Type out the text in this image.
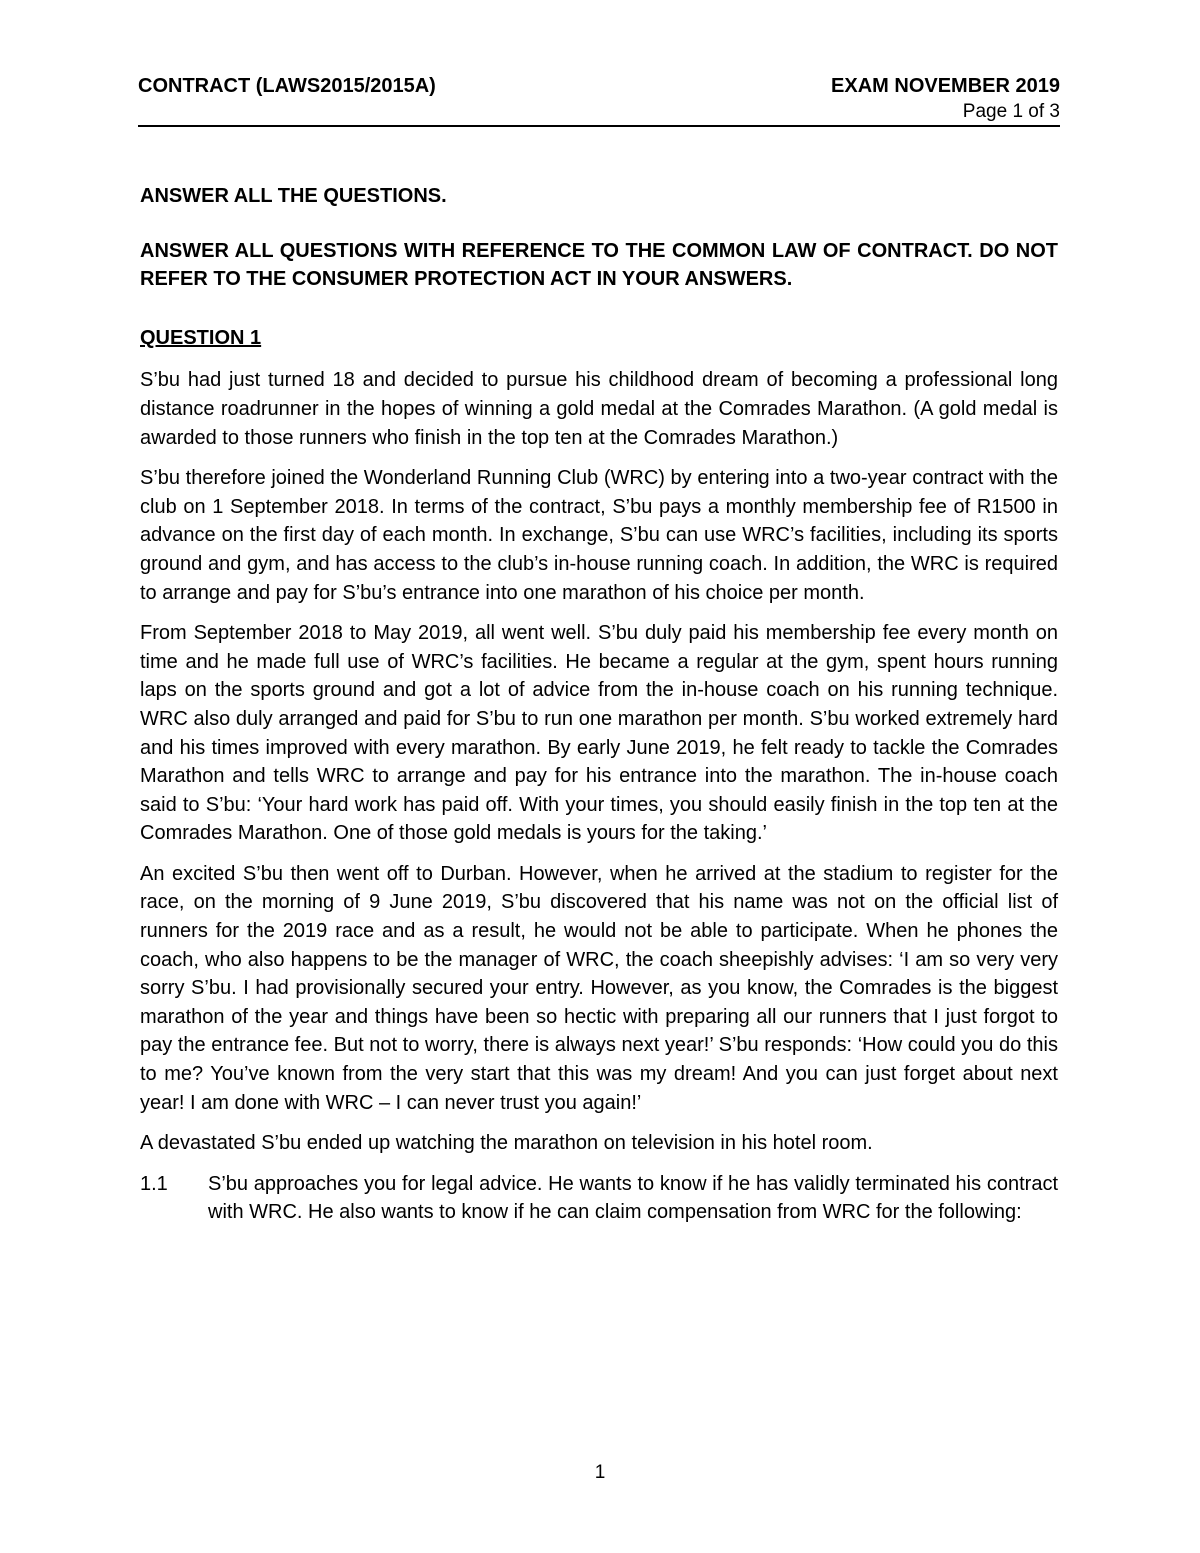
CONTRACT (LAWS2015/2015A)	EXAM NOVEMBER 2019
Page 1 of 3

ANSWER ALL THE QUESTIONS.

ANSWER ALL QUESTIONS WITH REFERENCE TO THE COMMON LAW OF CONTRACT. DO NOT REFER TO THE CONSUMER PROTECTION ACT IN YOUR ANSWERS.

QUESTION 1

S’bu had just turned 18 and decided to pursue his childhood dream of becoming a professional long distance roadrunner in the hopes of winning a gold medal at the Comrades Marathon. (A gold medal is awarded to those runners who finish in the top ten at the Comrades Marathon.)

S’bu therefore joined the Wonderland Running Club (WRC) by entering into a two-year contract with the club on 1 September 2018. In terms of the contract, S’bu pays a monthly membership fee of R1500 in advance on the first day of each month. In exchange, S’bu can use WRC’s facilities, including its sports ground and gym, and has access to the club’s in-house running coach. In addition, the WRC is required to arrange and pay for S’bu’s entrance into one marathon of his choice per month.

From September 2018 to May 2019, all went well. S’bu duly paid his membership fee every month on time and he made full use of WRC’s facilities. He became a regular at the gym, spent hours running laps on the sports ground and got a lot of advice from the in-house coach on his running technique. WRC also duly arranged and paid for S’bu to run one marathon per month. S’bu worked extremely hard and his times improved with every marathon. By early June 2019, he felt ready to tackle the Comrades Marathon and tells WRC to arrange and pay for his entrance into the marathon. The in-house coach said to S’bu: ‘Your hard work has paid off. With your times, you should easily finish in the top ten at the Comrades Marathon. One of those gold medals is yours for the taking.’

An excited S’bu then went off to Durban. However, when he arrived at the stadium to register for the race, on the morning of 9 June 2019, S’bu discovered that his name was not on the official list of runners for the 2019 race and as a result, he would not be able to participate. When he phones the coach, who also happens to be the manager of WRC, the coach sheepishly advises: ‘I am so very very sorry S’bu. I had provisionally secured your entry. However, as you know, the Comrades is the biggest marathon of the year and things have been so hectic with preparing all our runners that I just forgot to pay the entrance fee. But not to worry, there is always next year!’ S’bu responds: ‘How could you do this to me? You’ve known from the very start that this was my dream! And you can just forget about next year! I am done with WRC – I can never trust you again!’

A devastated S’bu ended up watching the marathon on television in his hotel room.

1.1 S’bu approaches you for legal advice. He wants to know if he has validly terminated his contract with WRC. He also wants to know if he can claim compensation from WRC for the following:
1
